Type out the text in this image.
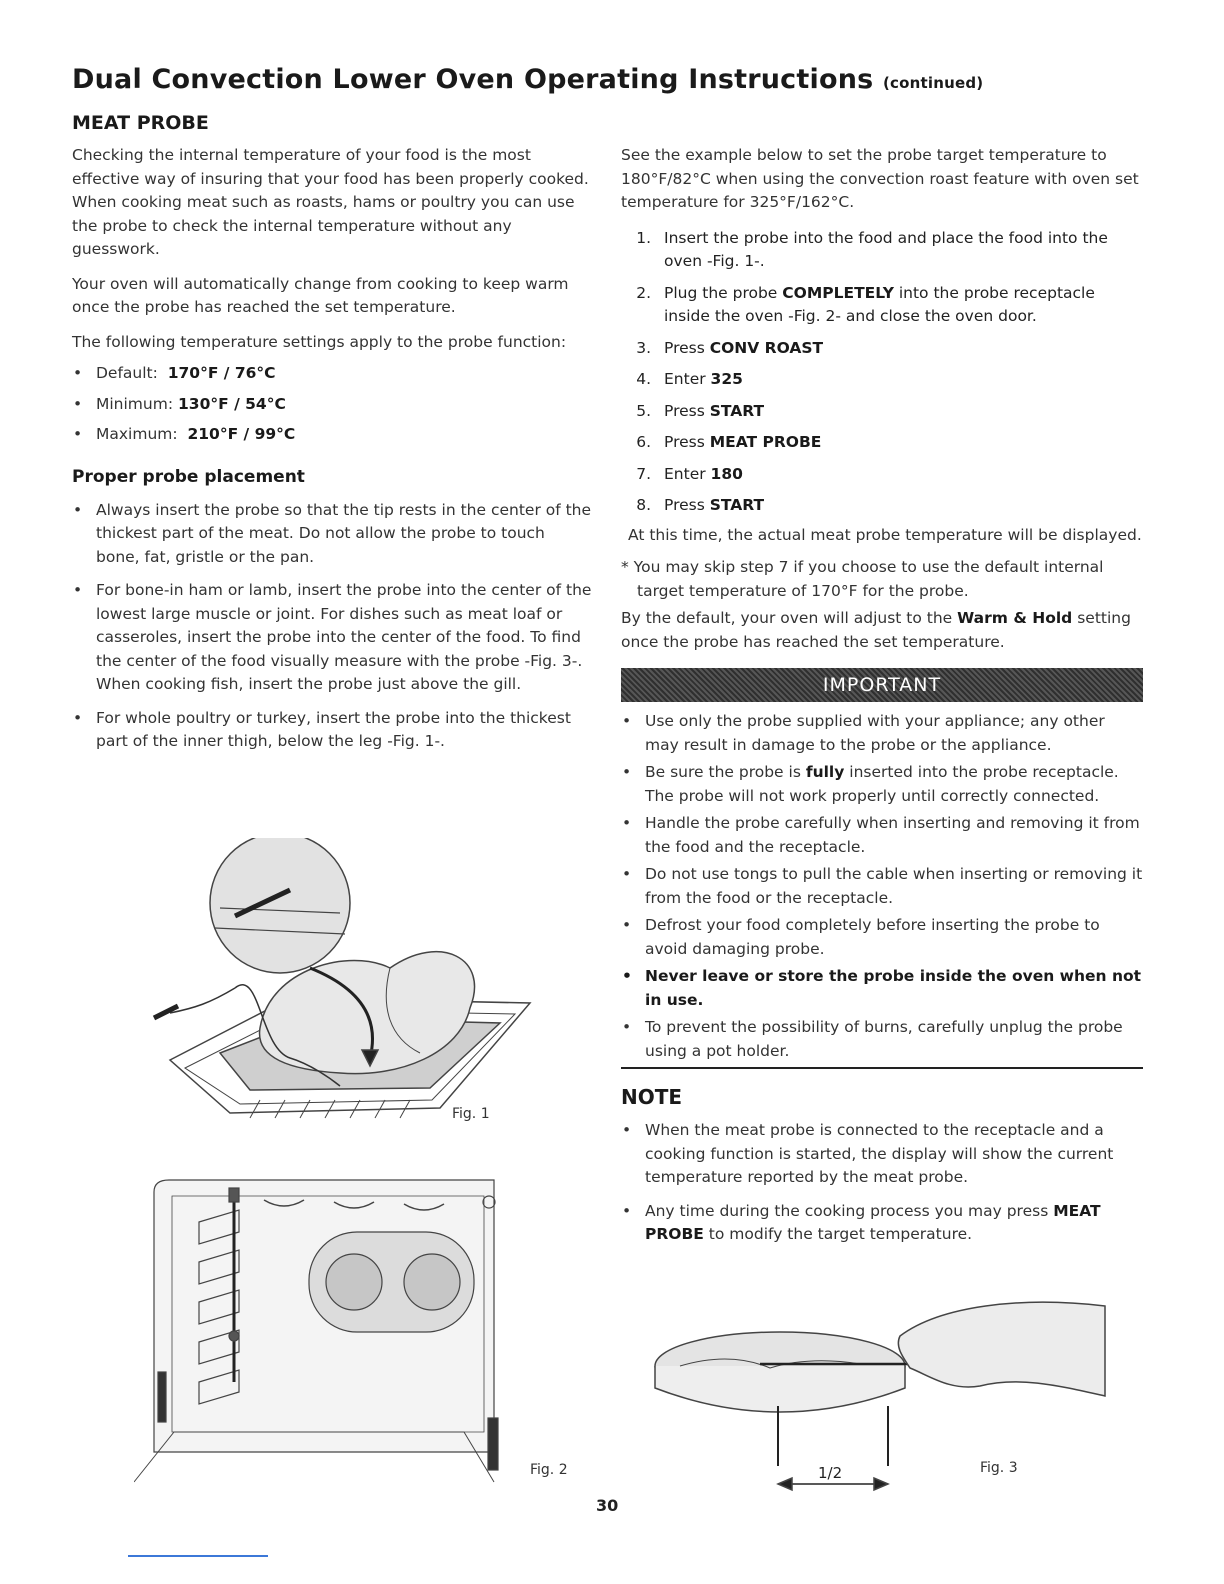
Dual Convection Lower Oven Operating Instructions (continued)
MEAT PROBE

Checking the internal temperature of your food is the most effective way of insuring that your food has been properly cooked. When cooking meat such as roasts, hams or poultry you can use the probe to check the internal temperature without any guesswork.

Your oven will automatically change from cooking to keep warm once the probe has reached the set temperature.

The following temperature settings apply to the probe function:

• Default: 170°F / 76°C
• Minimum: 130°F / 54°C
• Maximum: 210°F / 99°C
Proper probe placement
• Always insert the probe so that the tip rests in the center of the thickest part of the meat. Do not allow the probe to touch bone, fat, gristle or the pan.
• For bone-in ham or lamb, insert the probe into the center of the lowest large muscle or joint. For dishes such as meat loaf or casseroles, insert the probe into the center of the food. To find the center of the food visually measure with the probe -Fig. 3-. When cooking fish, insert the probe just above the gill.
• For whole poultry or turkey, insert the probe into the thickest part of the inner thigh, below the leg -Fig. 1-.
Fig. 1
Fig. 2

See the example below to set the probe target temperature to 180°F/82°C when using the convection roast feature with oven set temperature for 325°F/162°C.

1. Insert the probe into the food and place the food into the oven -Fig. 1-.
2. Plug the probe COMPLETELY into the probe receptacle inside the oven -Fig. 2- and close the oven door.
3. Press CONV ROAST
4. Enter 325
5. Press START
6. Press MEAT PROBE
7. Enter 180
8. Press START

At this time, the actual meat probe temperature will be displayed.

* You may skip step 7 if you choose to use the default internal target temperature of 170°F for the probe.

By the default, your oven will adjust to the Warm & Hold setting once the probe has reached the set temperature.

IMPORTANT
• Use only the probe supplied with your appliance; any other may result in damage to the probe or the appliance.
• Be sure the probe is fully inserted into the probe receptacle. The probe will not work properly until correctly connected.
• Handle the probe carefully when inserting and removing it from the food and the receptacle.
• Do not use tongs to pull the cable when inserting or removing it from the food or the receptacle.
• Defrost your food completely before inserting the probe to avoid damaging probe.
• Never leave or store the probe inside the oven when not in use.
• To prevent the possibility of burns, carefully unplug the probe using a pot holder.
NOTE
• When the meat probe is connected to the receptacle and a cooking function is started, the display will show the current temperature reported by the meat probe.
• Any time during the cooking process you may press MEAT PROBE to modify the target temperature.
1/2	Fig. 3
30
